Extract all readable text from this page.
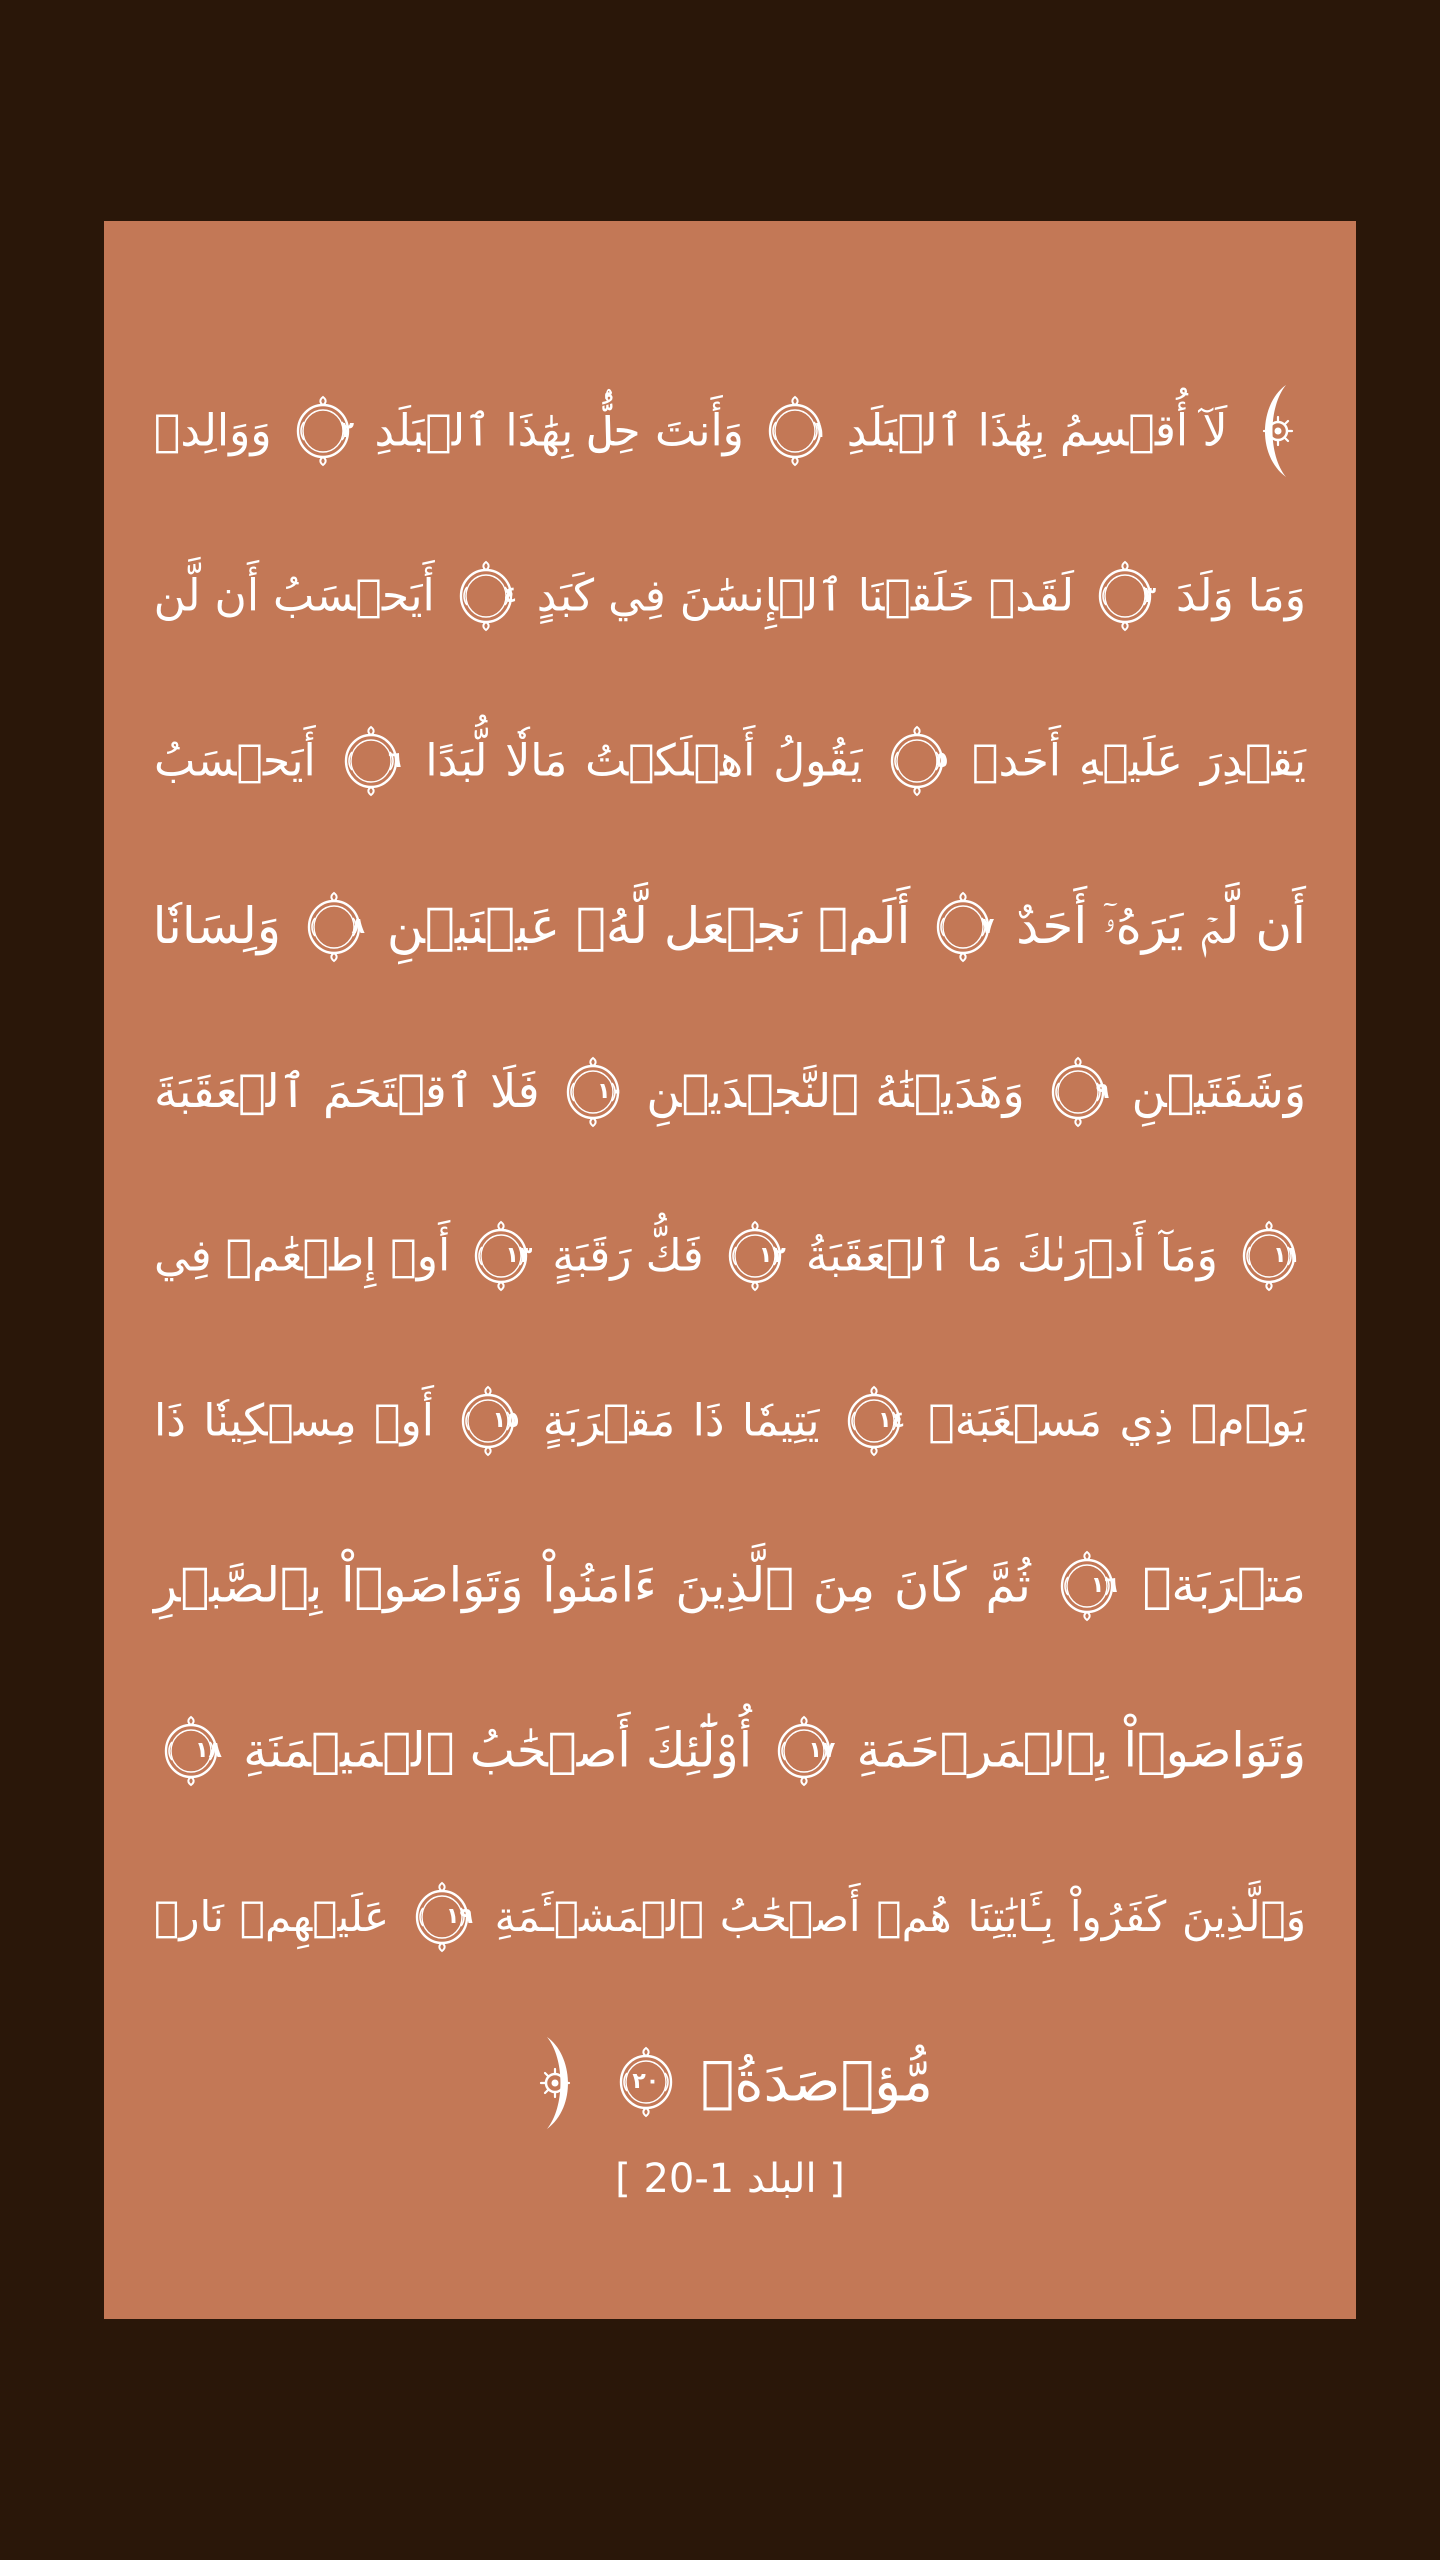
لَآ أُقۡسِمُ بِهَٰذَا ٱلۡبَلَدِ
١
وَأَنتَ حِلُّۢ بِهَٰذَا ٱلۡبَلَدِ
٢
وَوَالِدٖ
وَمَا وَلَدَ
٣
لَقَدۡ خَلَقۡنَا ٱلۡإِنسَٰنَ فِي كَبَدٍ
٤
أَيَحۡسَبُ أَن لَّن
يَقۡدِرَ عَلَيۡهِ أَحَدٞ
٥
يَقُولُ أَهۡلَكۡتُ مَالٗا لُّبَدًا
٦
أَيَحۡسَبُ
أَن لَّمۡ يَرَهُۥٓ أَحَدٌ
٧
أَلَمۡ نَجۡعَل لَّهُۥ عَيۡنَيۡنِ
٨
وَلِسَانٗا
وَشَفَتَيۡنِ
٩
وَهَدَيۡنَٰهُ ٱلنَّجۡدَيۡنِ
١٠
فَلَا ٱقۡتَحَمَ ٱلۡعَقَبَةَ
١١
وَمَآ أَدۡرَىٰكَ مَا ٱلۡعَقَبَةُ
١٢
فَكُّ رَقَبَةٍ
١٣
أَوۡ إِطۡعَٰمٞ فِي
يَوۡمٖ ذِي مَسۡغَبَةٖ
١٤
يَتِيمٗا ذَا مَقۡرَبَةٍ
١٥
أَوۡ مِسۡكِينٗا ذَا
مَتۡرَبَةٖ
١٦
ثُمَّ كَانَ مِنَ ٱلَّذِينَ ءَامَنُواْ وَتَوَاصَوۡاْ بِٱلصَّبۡرِ
وَتَوَاصَوۡاْ بِٱلۡمَرۡحَمَةِ
١٧
أُوْلَٰٓئِكَ أَصۡحَٰبُ ٱلۡمَيۡمَنَةِ
١٨
وَٱلَّذِينَ كَفَرُواْ بِـَٔايَٰتِنَا هُمۡ أَصۡحَٰبُ ٱلۡمَشۡـَٔمَةِ
١٩
عَلَيۡهِمۡ نَارٞ
مُّؤۡصَدَةُۢ
٢٠

[ البلد 1-20 ]
